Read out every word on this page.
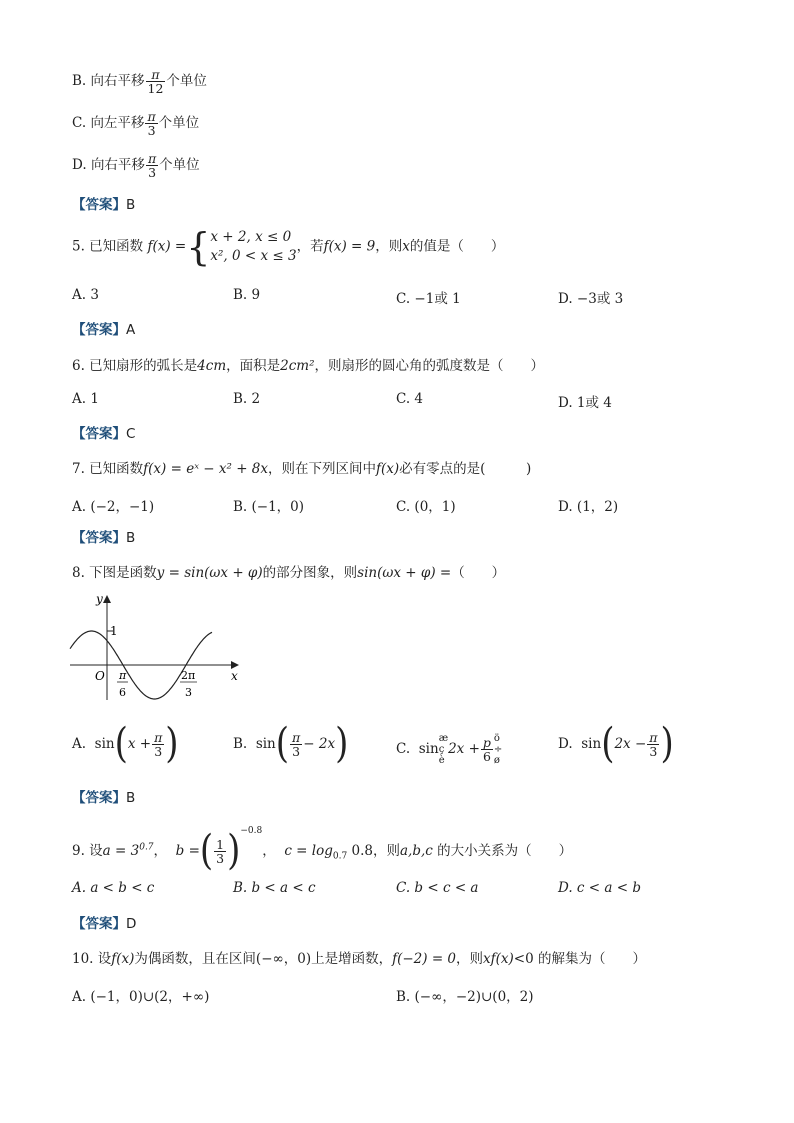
B. 向右平移 $\frac{\pi}{12}$ 个单位
C. 向左平移 $\frac{\pi}{3}$ 个单位
D. 向右平移 $\frac{\pi}{3}$ 个单位
【答案】B
5. 已知函数 f(x) ={ x + 2, x ≤ 0
x², 0 < x ≤ 3
，若f(x) = 9，则x的值是（　　）
A. 3	B. 9	C. −1或 1	D. −3或 3
【答案】A
6. 已知扇形的弧长是4cm，面积是2cm²，则扇形的圆心角的弧度数是（　　）
A. 1	B. 2	C. 4	D. 1或 4
【答案】C
7. 已知函数f(x) = eˣ − x² + 8x，则在下列区间中f(x)必有零点的是(　　　)
A. (−2，−1)	B. (−1，0)	C. (0，1)	D. (1，2)
【答案】B
8. 下图是函数y = sin(ωx + φ)的部分图象，则sin(ωx + φ) =（　　）
y
x
O
1
π
6
2π
3
A. $\sin(x + \frac{\pi}{3}$ )	B. $\sin( \frac{\pi}{3} - 2x)$	C. sin
æ
ç
è
$2x + \frac{p}{6}$ ö
÷
ø
D. $\sin(2x - \frac{\pi}{3}$ )
【答案】B
9. 设$a = 3^{0.7}$，  b =( $\frac{1}{3} )^{-0.8}$，  $c = \log_{0.7} 0.8$，则a,b,c 的大小关系为（　　）
A. a < b < c	B. b < a < c	C. b < c < a	D. c < a < b
【答案】D
10. 设f(x)为偶函数，且在区间(−∞，0)上是增函数，f(−2) = 0，则xf(x)<0 的解集为（　　）
A. (−1，0)∪(2，+∞)	B. (−∞，−2)∪(0，2)
